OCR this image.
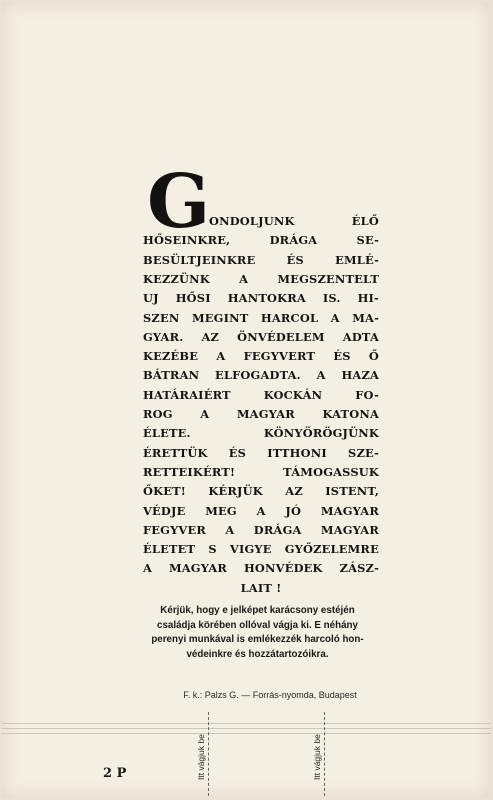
G
ONDOLJUNK ÉLŐ
HŐSEINKRE, DRÁGA SE-
BESÜLTJEINKRE ÉS EMLÉ-
KEZZÜNK A MEGSZENTELT
UJ HŐSI HANTOKRA IS. HI-
SZEN MEGINT HARCOL A MA-
GYAR. AZ ÖNVÉDELEM ADTA
KEZÉBE A FEGYVERT ÉS Ő
BÁTRAN ELFOGADTA. A HAZA
HATÁRAIÉRT KOCKÁN FO-
ROG A MAGYAR KATONA
ÉLETE. KÖNYÖRÖGJÜNK
ÉRETTÜK ÉS ITTHONI SZE-
RETTEIKÉRT! TÁMOGASSUK
ŐKET! KÉRJÜK AZ ISTENT,
VÉDJE MEG A JÓ MAGYAR
FEGYVER A DRÁGA MAGYAR
ÉLETET S VIGYE GYŐZELEMRE
A MAGYAR HONVÉDEK ZÁSZ-
LAIT !
Kérjük, hogy e jelképet karácsony estéjén
családja körében ollóval vágja ki. E néhány
perenyi munkával is emlékezzék harcoló hon-
védeinkre és hozzátartozóikra.
F. k.: Palzs G. — Forrás-nyomda, Budapest
2 P	Itt vágjuk be	Itt vágjuk be
